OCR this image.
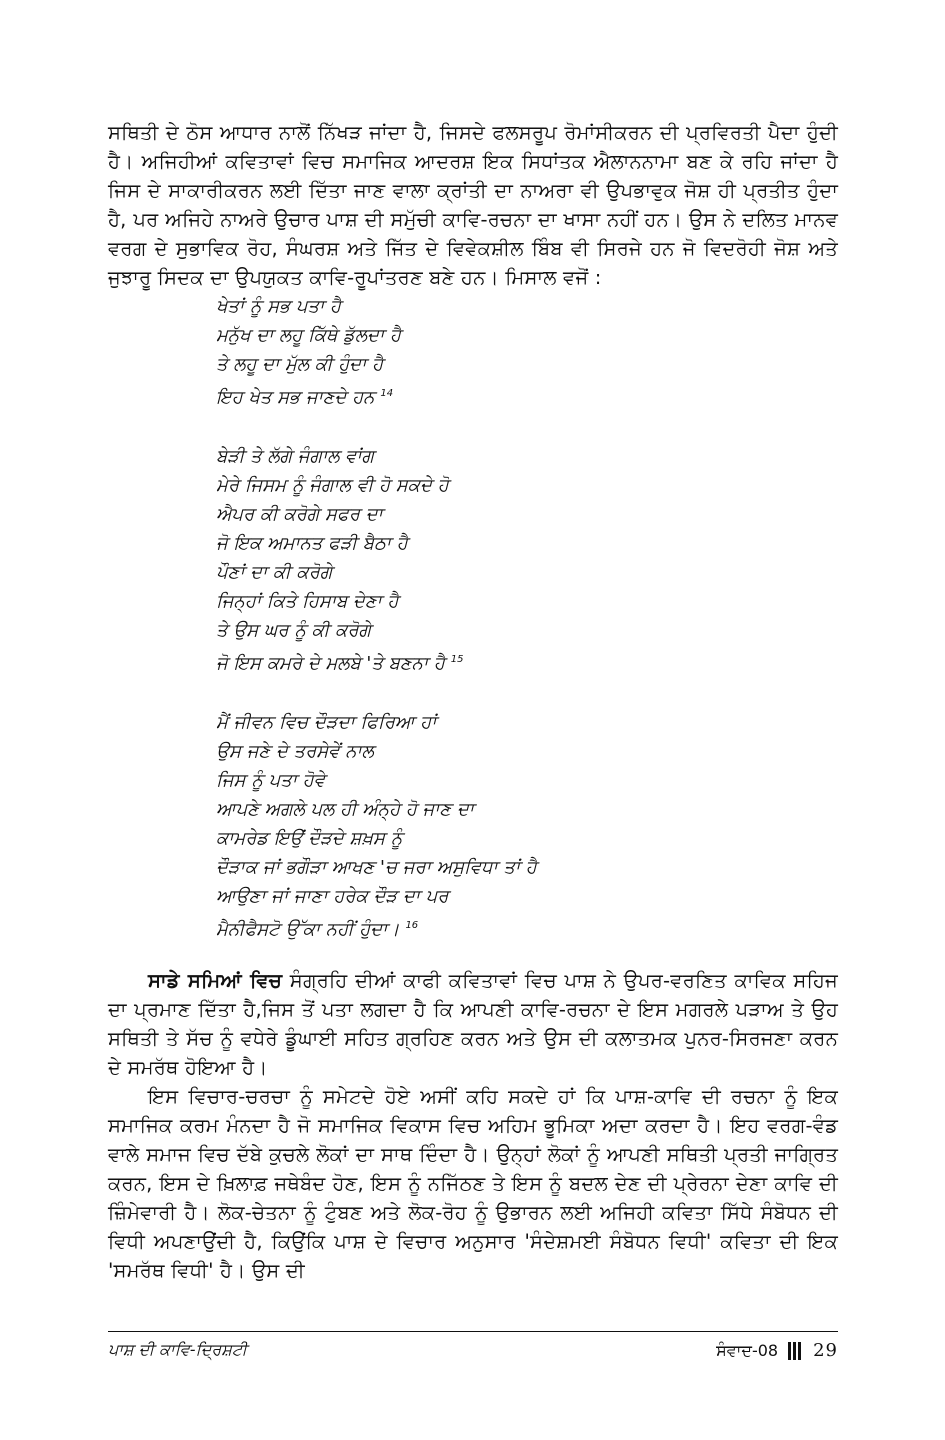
ਸਥਿਤੀ ਦੇ ਠੋਸ ਆਧਾਰ ਨਾਲੋਂ ਨਿੱਖੜ ਜਾਂਦਾ ਹੈ, ਜਿਸਦੇ ਫਲਸਰੂਪ ਰੋਮਾਂਸੀਕਰਨ ਦੀ ਪ੍ਰਵਿਰਤੀ ਪੈਦਾ ਹੁੰਦੀ ਹੈ। ਅਜਿਹੀਆਂ ਕਵਿਤਾਵਾਂ ਵਿਚ ਸਮਾਜਿਕ ਆਦਰਸ਼ ਇਕ ਸਿਧਾਂਤਕ ਐਲਾਨਨਾਮਾ ਬਣ ਕੇ ਰਹਿ ਜਾਂਦਾ ਹੈ ਜਿਸ ਦੇ ਸਾਕਾਰੀਕਰਨ ਲਈ ਦਿੱਤਾ ਜਾਣ ਵਾਲਾ ਕ੍ਰਾਂਤੀ ਦਾ ਨਾਅਰਾ ਵੀ ਉਪਭਾਵੁਕ ਜੋਸ਼ ਹੀ ਪ੍ਰਤੀਤ ਹੁੰਦਾ ਹੈ, ਪਰ ਅਜਿਹੇ ਨਾਅਰੇ ਉਚਾਰ ਪਾਸ਼ ਦੀ ਸਮੁੱਚੀ ਕਾਵਿ-ਰਚਨਾ ਦਾ ਖਾਸਾ ਨਹੀਂ ਹਨ। ਉਸ ਨੇ ਦਲਿਤ ਮਾਨਵ ਵਰਗ ਦੇ ਸੁਭਾਵਿਕ ਰੋਹ, ਸੰਘਰਸ਼ ਅਤੇ ਜਿੱਤ ਦੇ ਵਿਵੇਕਸ਼ੀਲ ਬਿੰਬ ਵੀ ਸਿਰਜੇ ਹਨ ਜੋ ਵਿਦਰੋਹੀ ਜੋਸ਼ ਅਤੇ ਜੁਝਾਰੂ ਸਿਦਕ ਦਾ ਉਪਯੁਕਤ ਕਾਵਿ-ਰੂਪਾਂਤਰਣ ਬਣੇ ਹਨ। ਮਿਸਾਲ ਵਜੋਂ :

ਖੇਤਾਂ ਨੂੰ ਸਭ ਪਤਾ ਹੈ
ਮਨੁੱਖ ਦਾ ਲਹੂ ਕਿੱਥੇ ਡੁੱਲਦਾ ਹੈ
ਤੇ ਲਹੂ ਦਾ ਮੁੱਲ ਕੀ ਹੁੰਦਾ ਹੈ
ਇਹ ਖੇਤ ਸਭ ਜਾਣਦੇ ਹਨ $^{14}$
ਬੇੜੀ ਤੇ ਲੱਗੇ ਜੰਗਾਲ ਵਾਂਗ
ਮੇਰੇ ਜਿਸਮ ਨੂੰ ਜੰਗਾਲ ਵੀ ਹੋ ਸਕਦੇ ਹੋ
ਐਪਰ ਕੀ ਕਰੋਗੇ ਸਫਰ ਦਾ
ਜੋ ਇਕ ਅਮਾਨਤ ਫੜੀ ਬੈਠਾ ਹੈ
ਪੌਣਾਂ ਦਾ ਕੀ ਕਰੋਗੇ
ਜਿਨ੍ਹਾਂ ਕਿਤੇ ਹਿਸਾਬ ਦੇਣਾ ਹੈ
ਤੇ ਉਸ ਘਰ ਨੂੰ ਕੀ ਕਰੋਗੇ
ਜੋ ਇਸ ਕਮਰੇ ਦੇ ਮਲਬੇ 'ਤੇ ਬਣਨਾ ਹੈ $^{15}$
ਮੈਂ ਜੀਵਨ ਵਿਚ ਦੌੜਦਾ ਫਿਰਿਆ ਹਾਂ
ਉਸ ਜਣੇ ਦੇ ਤਰਸੇਵੇਂ ਨਾਲ
ਜਿਸ ਨੂੰ ਪਤਾ ਹੋਵੇ
ਆਪਣੇ ਅਗਲੇ ਪਲ ਹੀ ਅੰਨ੍ਹੇ ਹੋ ਜਾਣ ਦਾ
ਕਾਮਰੇਡ ਇਉਂ ਦੌੜਦੇ ਸ਼ਖ਼ਸ ਨੂੰ
ਦੌੜਾਕ ਜਾਂ ਭਗੌੜਾ ਆਖਣ 'ਚ ਜਰਾ ਅਸੁਵਿਧਾ ਤਾਂ ਹੈ
ਆਉਣਾ ਜਾਂ ਜਾਣਾ ਹਰੇਕ ਦੌੜ ਦਾ ਪਰ
ਮੈਨੀਫੈਸਟੋ ਉੱਕਾ ਨਹੀਂ ਹੁੰਦਾ। $^{16}$

ਸਾਡੇ ਸਮਿਆਂ ਵਿਚ ਸੰਗ੍ਰਹਿ ਦੀਆਂ ਕਾਫੀ ਕਵਿਤਾਵਾਂ ਵਿਚ ਪਾਸ਼ ਨੇ ਉਪਰ-ਵਰਣਿਤ ਕਾਵਿਕ ਸਹਿਜ ਦਾ ਪ੍ਰਮਾਣ ਦਿੱਤਾ ਹੈ,ਜਿਸ ਤੋਂ ਪਤਾ ਲਗਦਾ ਹੈ ਕਿ ਆਪਣੀ ਕਾਵਿ-ਰਚਨਾ ਦੇ ਇਸ ਮਗਰਲੇ ਪੜਾਅ ਤੇ ਉਹ ਸਥਿਤੀ ਤੇ ਸੱਚ ਨੂੰ ਵਧੇਰੇ ਡੂੰਘਾਈ ਸਹਿਤ ਗ੍ਰਹਿਣ ਕਰਨ ਅਤੇ ਉਸ ਦੀ ਕਲਾਤਮਕ ਪੁਨਰ-ਸਿਰਜਣਾ ਕਰਨ ਦੇ ਸਮਰੱਥ ਹੋਇਆ ਹੈ।

ਇਸ ਵਿਚਾਰ-ਚਰਚਾ ਨੂੰ ਸਮੇਟਦੇ ਹੋਏ ਅਸੀਂ ਕਹਿ ਸਕਦੇ ਹਾਂ ਕਿ ਪਾਸ਼-ਕਾਵਿ ਦੀ ਰਚਨਾ ਨੂੰ ਇਕ ਸਮਾਜਿਕ ਕਰਮ ਮੰਨਦਾ ਹੈ ਜੋ ਸਮਾਜਿਕ ਵਿਕਾਸ ਵਿਚ ਅਹਿਮ ਭੂਮਿਕਾ ਅਦਾ ਕਰਦਾ ਹੈ। ਇਹ ਵਰਗ-ਵੰਡ ਵਾਲੇ ਸਮਾਜ ਵਿਚ ਦੱਬੇ ਕੁਚਲੇ ਲੋਕਾਂ ਦਾ ਸਾਥ ਦਿੰਦਾ ਹੈ। ਉਨ੍ਹਾਂ ਲੋਕਾਂ ਨੂੰ ਆਪਣੀ ਸਥਿਤੀ ਪ੍ਰਤੀ ਜਾਗ੍ਰਿਤ ਕਰਨ, ਇਸ ਦੇ ਖ਼ਿਲਾਫ਼ ਜਥੇਬੰਦ ਹੋਣ, ਇਸ ਨੂੰ ਨਜਿੱਠਣ ਤੇ ਇਸ ਨੂੰ ਬਦਲ ਦੇਣ ਦੀ ਪ੍ਰੇਰਨਾ ਦੇਣਾ ਕਾਵਿ ਦੀ ਜ਼ਿੰਮੇਵਾਰੀ ਹੈ। ਲੋਕ-ਚੇਤਨਾ ਨੂੰ ਟੁੰਬਣ ਅਤੇ ਲੋਕ-ਰੋਹ ਨੂੰ ਉਭਾਰਨ ਲਈ ਅਜਿਹੀ ਕਵਿਤਾ ਸਿੱਧੇ ਸੰਬੋਧਨ ਦੀ ਵਿਧੀ ਅਪਣਾਉਂਦੀ ਹੈ, ਕਿਉਂਕਿ ਪਾਸ਼ ਦੇ ਵਿਚਾਰ ਅਨੁਸਾਰ 'ਸੰਦੇਸ਼ਮਈ ਸੰਬੋਧਨ ਵਿਧੀ' ਕਵਿਤਾ ਦੀ ਇਕ 'ਸਮਰੱਥ ਵਿਧੀ' ਹੈ। ਉਸ ਦੀ

ਪਾਸ਼ ਦੀ ਕਾਵਿ-ਦ੍ਰਿਸ਼ਟੀ	ਸੰਵਾਦ-08 29
